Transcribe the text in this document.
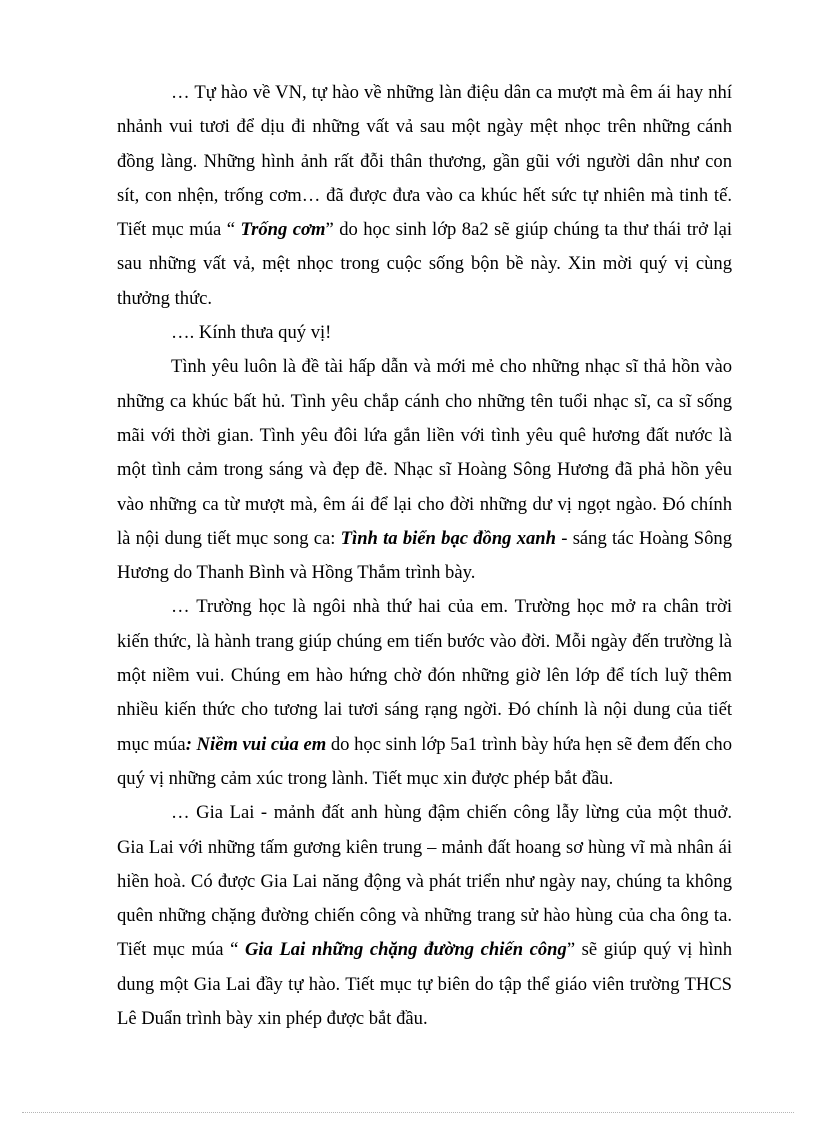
… Tự hào về VN, tự hào về những làn điệu dân ca mượt mà êm ái hay nhí nhảnh vui tươi để dịu đi những vất vả sau một ngày mệt nhọc trên những cánh đồng làng. Những hình ảnh rất đỗi thân thương, gần gũi với người dân như con sít, con nhện, trống cơm… đã được đưa vào ca khúc hết sức tự nhiên mà tinh tế. Tiết mục múa “ Trống cơm” do học sinh lớp 8a2 sẽ giúp chúng ta thư thái trở lại sau những vất vả, mệt nhọc trong cuộc sống bộn bề này. Xin mời quý vị cùng thưởng thức.

…. Kính thưa quý vị!

Tình yêu luôn là đề tài hấp dẫn và mới mẻ cho những nhạc sĩ thả hồn vào những ca khúc bất hủ. Tình yêu chắp cánh cho những tên tuổi nhạc sĩ, ca sĩ sống mãi với thời gian. Tình yêu đôi lứa gắn liền với tình yêu quê hương đất nước là một tình cảm trong sáng và đẹp đẽ. Nhạc sĩ Hoàng Sông Hương đã phả hồn yêu vào những ca từ mượt mà, êm ái để lại cho đời những dư vị ngọt ngào. Đó chính là nội dung tiết mục song ca: Tình ta biển bạc đồng xanh - sáng tác Hoàng Sông Hương do Thanh Bình và Hồng Thắm trình bày.

… Trường học là ngôi nhà thứ hai của em. Trường học mở ra chân trời kiến thức, là hành trang giúp chúng em tiến bước vào đời. Mỗi ngày đến trường là một niềm vui. Chúng em hào hứng chờ đón những giờ lên lớp để tích luỹ thêm nhiều kiến thức cho tương lai tươi sáng rạng ngời. Đó chính là nội dung của tiết mục múa: Niềm vui của em do học sinh lớp 5a1 trình bày hứa hẹn sẽ đem đến cho quý vị những cảm xúc trong lành. Tiết mục xin được phép bắt đầu.

… Gia Lai - mảnh đất anh hùng đậm chiến công lẫy lừng của một thuở. Gia Lai với những tấm gương kiên trung – mảnh đất hoang sơ hùng vĩ mà nhân ái hiền hoà. Có được Gia Lai năng động và phát triển như ngày nay, chúng ta không quên những chặng đường chiến công và những trang sử hào hùng của cha ông ta. Tiết mục múa “ Gia Lai những chặng đường chiến công” sẽ giúp quý vị hình dung một Gia Lai đầy tự hào. Tiết mục tự biên do tập thể giáo viên trường THCS Lê Duẩn trình bày xin phép được bắt đầu.
